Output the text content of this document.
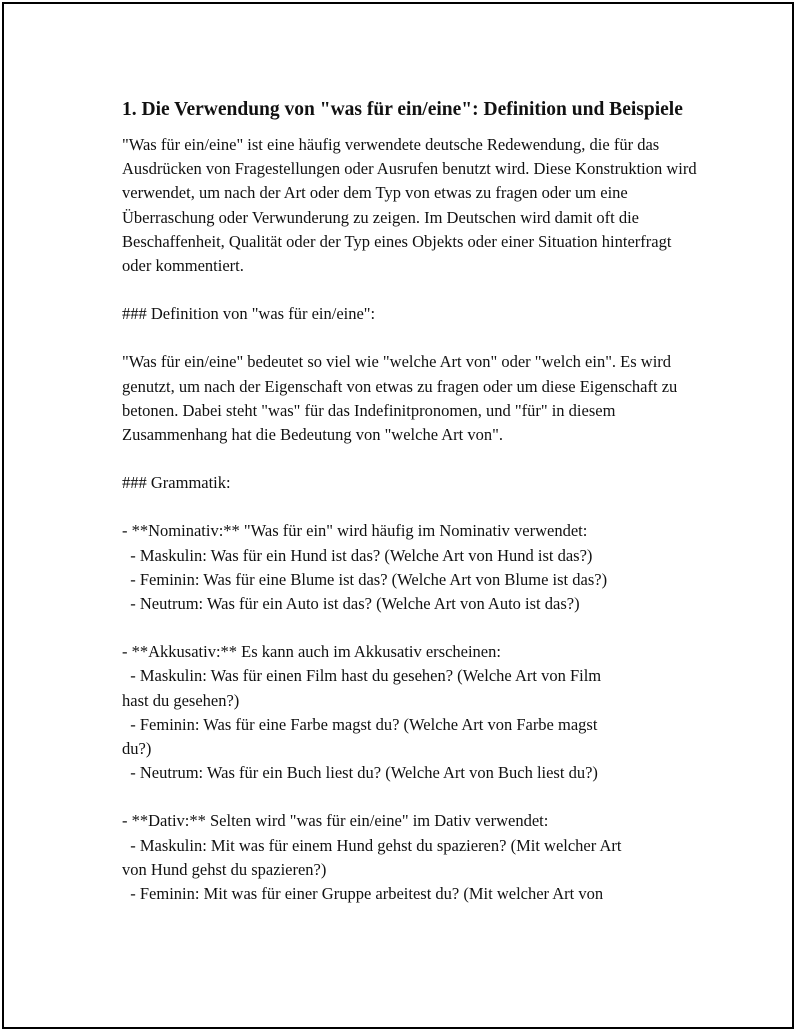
1. Die Verwendung von "was für ein/eine": Definition und Beispiele

"Was für ein/eine" ist eine häufig verwendete deutsche Redewendung, die für das Ausdrücken von Fragestellungen oder Ausrufen benutzt wird. Diese Konstruktion wird verwendet, um nach der Art oder dem Typ von etwas zu fragen oder um eine Überraschung oder Verwunderung zu zeigen. Im Deutschen wird damit oft die Beschaffenheit, Qualität oder der Typ eines Objekts oder einer Situation hinterfragt oder kommentiert.

### Definition von "was für ein/eine":

"Was für ein/eine" bedeutet so viel wie "welche Art von" oder "welch ein". Es wird genutzt, um nach der Eigenschaft von etwas zu fragen oder um diese Eigenschaft zu betonen. Dabei steht "was" für das Indefinitpronomen, und "für" in diesem Zusammenhang hat die Bedeutung von "welche Art von".

### Grammatik:

- **Nominativ:** "Was für ein" wird häufig im Nominativ verwendet:
- Maskulin: Was für ein Hund ist das? (Welche Art von Hund ist das?)
- Feminin: Was für eine Blume ist das? (Welche Art von Blume ist das?)
- Neutrum: Was für ein Auto ist das? (Welche Art von Auto ist das?)
- **Akkusativ:** Es kann auch im Akkusativ erscheinen:
- Maskulin: Was für einen Film hast du gesehen? (Welche Art von Film
hast du gesehen?)
- Feminin: Was für eine Farbe magst du? (Welche Art von Farbe magst
du?)
- Neutrum: Was für ein Buch liest du? (Welche Art von Buch liest du?)
- **Dativ:** Selten wird "was für ein/eine" im Dativ verwendet:
- Maskulin: Mit was für einem Hund gehst du spazieren? (Mit welcher Art
von Hund gehst du spazieren?)
- Feminin: Mit was für einer Gruppe arbeitest du? (Mit welcher Art von
